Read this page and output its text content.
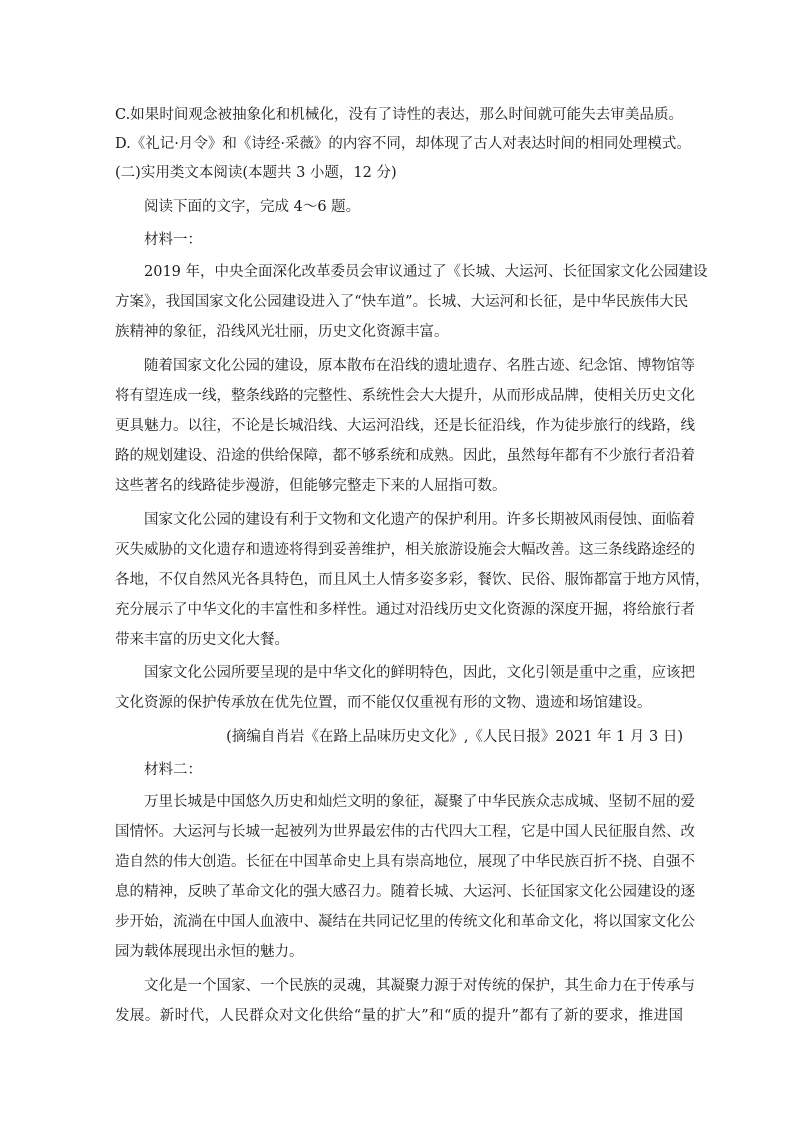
C.如果时间观念被抽象化和机械化，没有了诗性的表达，那么时间就可能失去审美品质。
D.《礼记·月令》和《诗经·采薇》的内容不同，却体现了古人对表达时间的相同处理模式。
(二)实用类文本阅读(本题共 3 小题，12 分)
阅读下面的文字，完成 4～6 题。
材料一：
2019 年，中央全面深化改革委员会审议通过了《长城、大运河、长征国家文化公园建设
方案》，我国国家文化公园建设进入了“快车道”。长城、大运河和长征，是中华民族伟大民
族精神的象征，沿线风光壮丽，历史文化资源丰富。
随着国家文化公园的建设，原本散布在沿线的遗址遗存、名胜古迹、纪念馆、博物馆等
将有望连成一线，整条线路的完整性、系统性会大大提升，从而形成品牌，使相关历史文化
更具魅力。以往，不论是长城沿线、大运河沿线，还是长征沿线，作为徒步旅行的线路，线
路的规划建设、沿途的供给保障，都不够系统和成熟。因此，虽然每年都有不少旅行者沿着
这些著名的线路徒步漫游，但能够完整走下来的人屈指可数。
国家文化公园的建设有利于文物和文化遗产的保护利用。许多长期被风雨侵蚀、面临着
灭失威胁的文化遗存和遗迹将得到妥善维护，相关旅游设施会大幅改善。这三条线路途经的
各地，不仅自然风光各具特色，而且风土人情多姿多彩，餐饮、民俗、服饰都富于地方风情，
充分展示了中华文化的丰富性和多样性。通过对沿线历史文化资源的深度开掘，将给旅行者
带来丰富的历史文化大餐。
国家文化公园所要呈现的是中华文化的鲜明特色，因此，文化引领是重中之重，应该把
文化资源的保护传承放在优先位置，而不能仅仅重视有形的文物、遗迹和场馆建设。
(摘编自肖岩《在路上品味历史文化》,《人民日报》2021 年 1 月 3 日)
材料二：
万里长城是中国悠久历史和灿烂文明的象征，凝聚了中华民族众志成城、坚韧不屈的爱
国情怀。大运河与长城一起被列为世界最宏伟的古代四大工程，它是中国人民征服自然、改
造自然的伟大创造。长征在中国革命史上具有崇高地位，展现了中华民族百折不挠、自强不
息的精神，反映了革命文化的强大感召力。随着长城、大运河、长征国家文化公园建设的逐
步开始，流淌在中国人血液中、凝结在共同记忆里的传统文化和革命文化，将以国家文化公
园为载体展现出永恒的魅力。
文化是一个国家、一个民族的灵魂，其凝聚力源于对传统的保护，其生命力在于传承与
发展。新时代，人民群众对文化供给“量的扩大”和“质的提升”都有了新的要求，推进国
